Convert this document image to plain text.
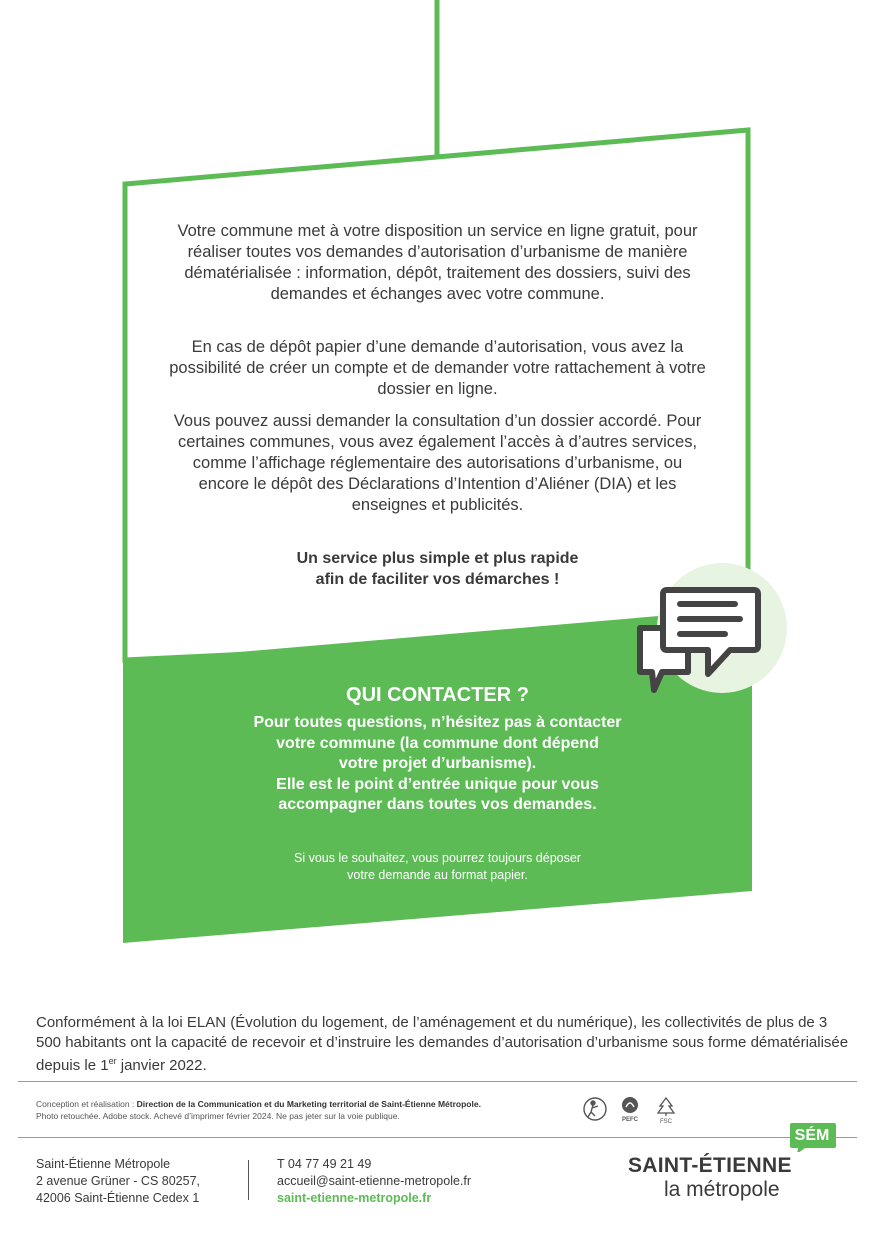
Votre commune met à votre disposition un service en ligne gratuit, pour réaliser toutes vos demandes d’autorisation d’urbanisme de manière dématérialisée : information, dépôt, traitement des dossiers, suivi des demandes et échanges avec votre commune.

En cas de dépôt papier d’une demande d’autorisation, vous avez la possibilité de créer un compte et de demander votre rattachement à votre dossier en ligne.

Vous pouvez aussi demander la consultation d’un dossier accordé. Pour certaines communes, vous avez également l’accès à d’autres services, comme l’affichage réglementaire des autorisations d’urbanisme, ou encore le dépôt des Déclarations d’Intention d’Aliéner (DIA) et les enseignes et publicités.

Un service plus simple et plus rapide
afin de faciliter vos démarches !
QUI CONTACTER ?
Pour toutes questions, n’hésitez pas à contacter
votre commune (la commune dont dépend
votre projet d’urbanisme).
Elle est le point d’entrée unique pour vous
accompagner dans toutes vos demandes.
Si vous le souhaitez, vous pourrez toujours déposer
votre demande au format papier.
Conformément à la loi ELAN (Évolution du logement, de l’aménagement et du numérique), les collectivités de plus de 3 500 habitants ont la capacité de recevoir et d’instruire les demandes d’autorisation d’urbanisme sous forme dématérialisée depuis le 1er janvier 2022.
Conception et réalisation : Direction de la Communication et du Marketing territorial de Saint-Étienne Métropole.
Photo retouchée. Adobe stock. Achevé d’imprimer février 2024. Ne pas jeter sur la voie publique.	PEFC	FSC
Saint-Étienne Métropole
2 avenue Grüner - CS 80257,
42006 Saint-Étienne Cedex 1
T 04 77 49 21 49
accueil@saint-etienne-metropole.fr
saint-etienne-metropole.fr
SÉM
SAINT-ÉTIENNE
la métropole
